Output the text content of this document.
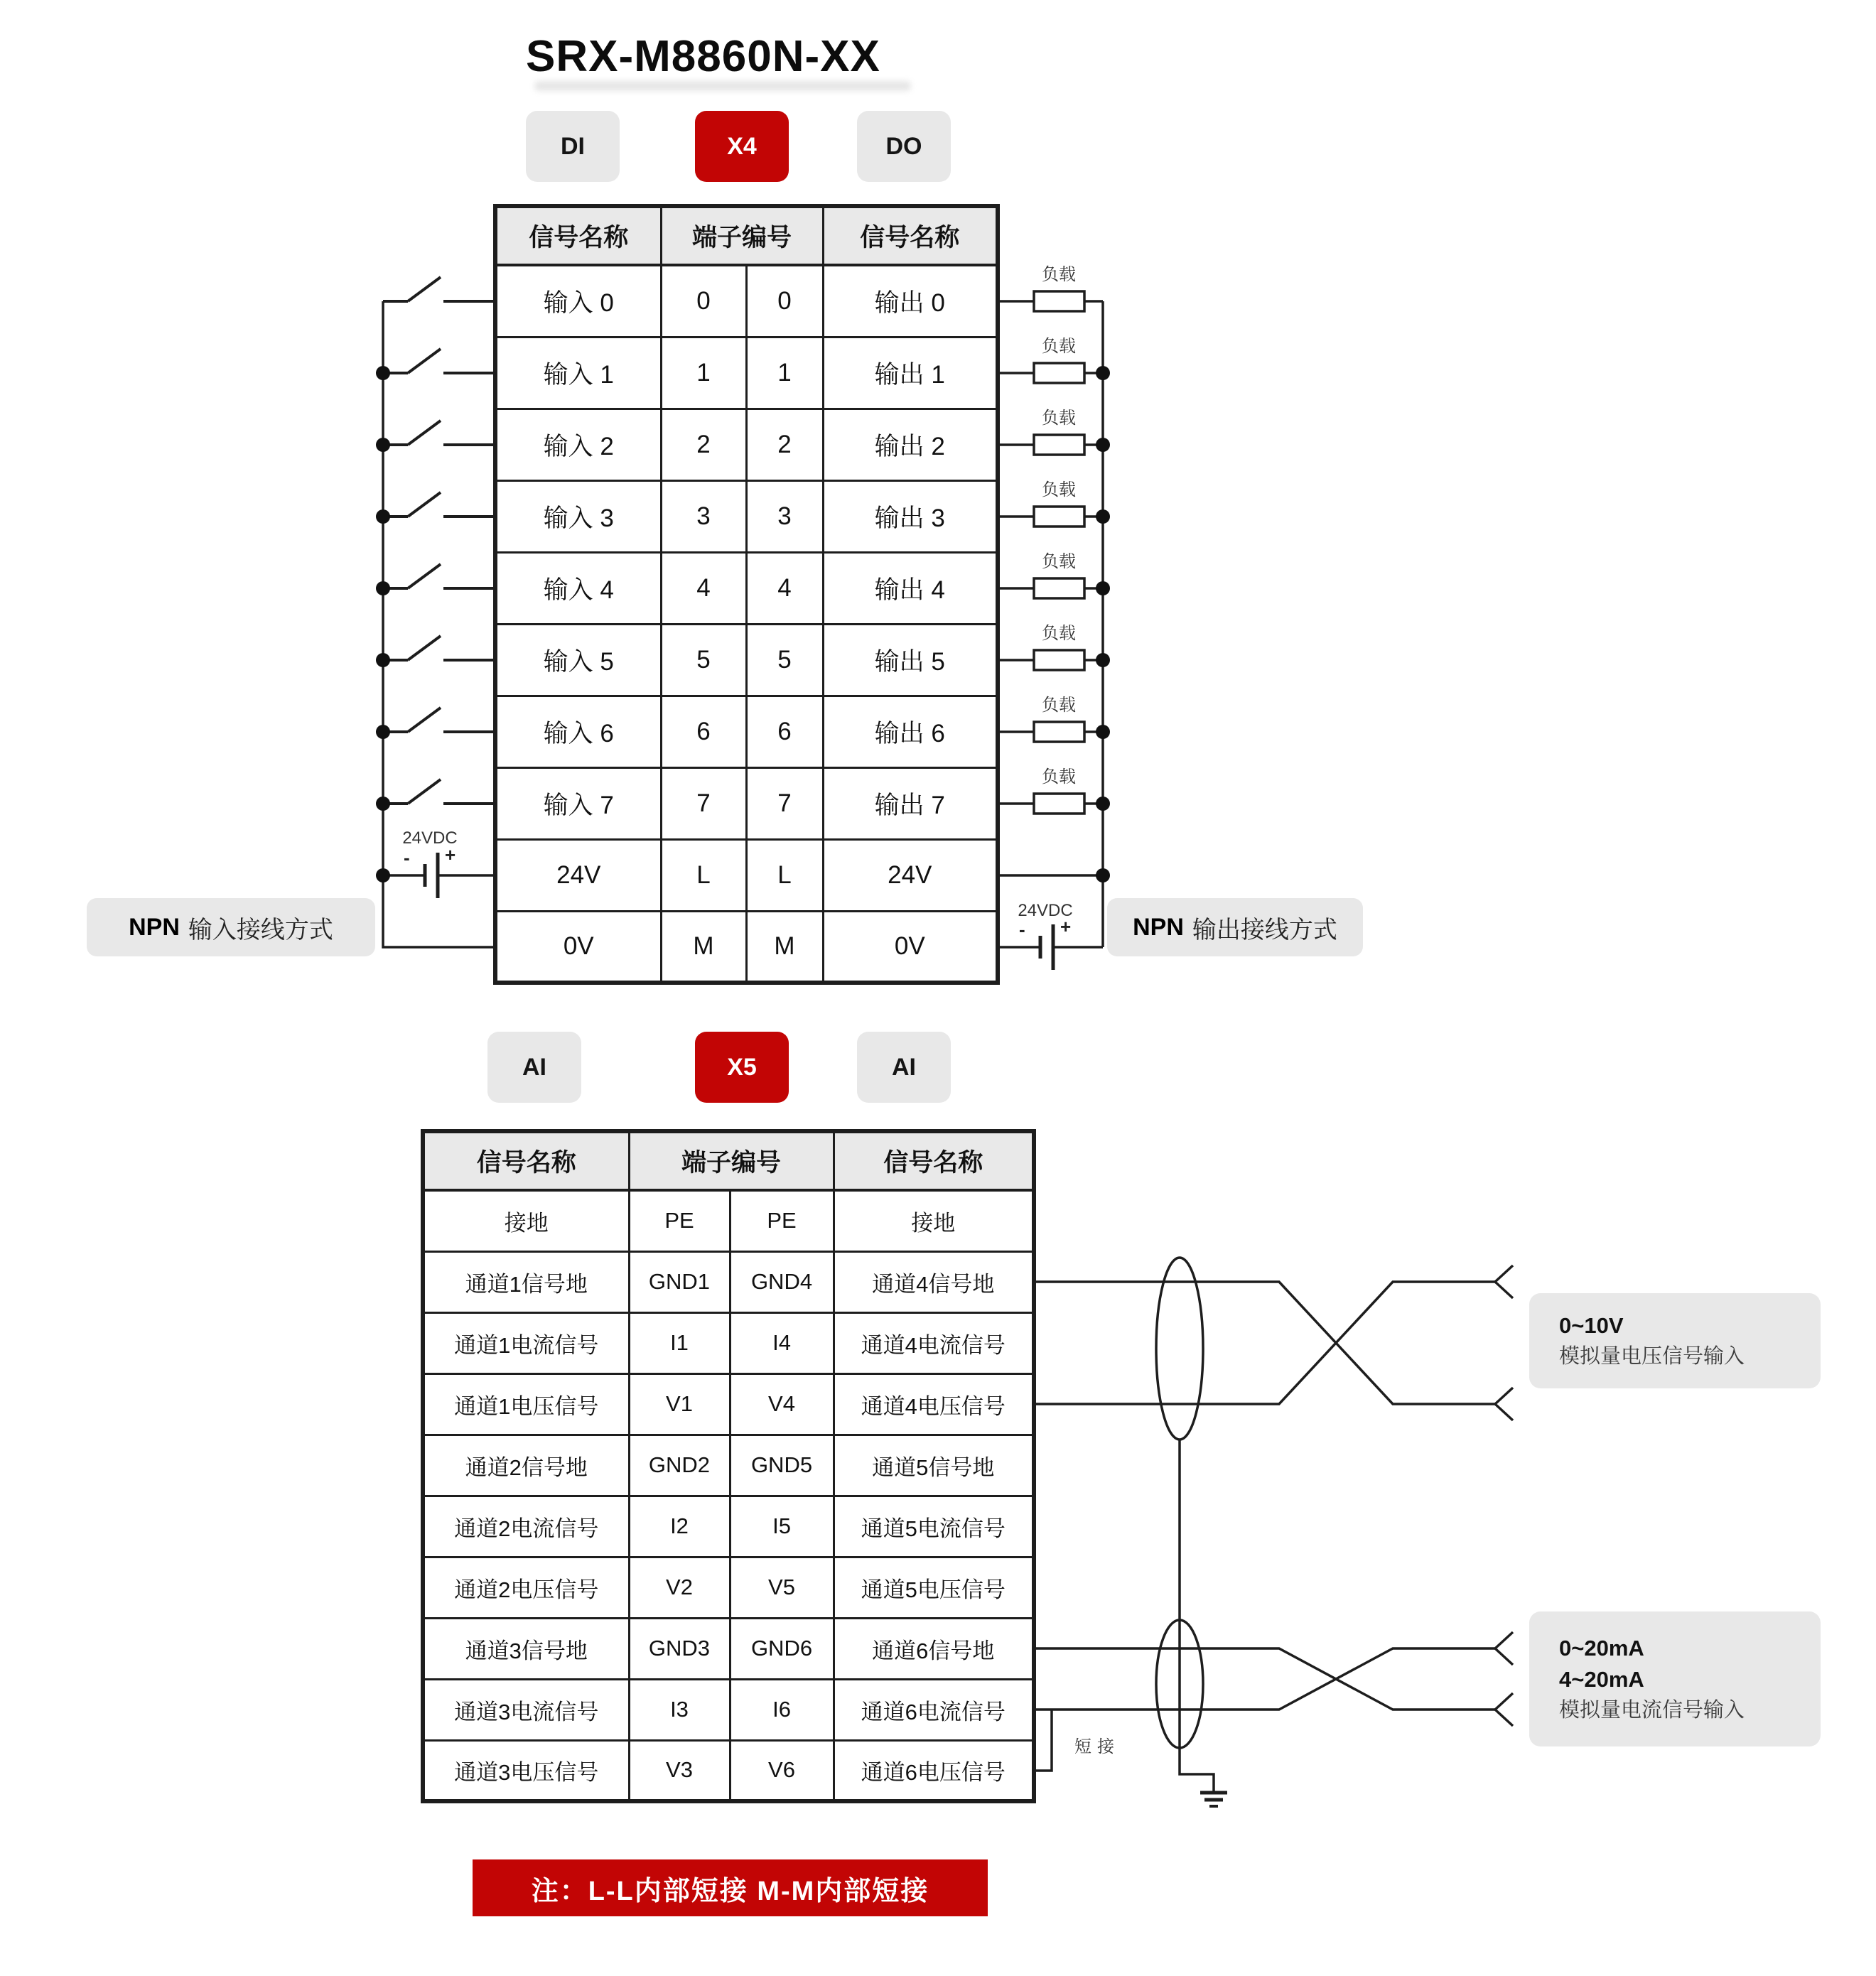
SRX-M8860N-XX
DI	X4	DO
信号名称	端子编号		信号名称
输入 0	0	0	输出 0
输入 1	1	1	输出 1
输入 2	2	2	输出 2
输入 3	3	3	输出 3
输入 4	4	4	输出 4
输入 5	5	5	输出 5
输入 6	6	6	输出 6
输入 7	7	7	输出 7
24V	L	L	24V
0V	M	M	0V
负载
负载
负载
负载
负载
负载
负载
负载
24VDC
- +
24VDC
- +
NPN 输入接线方式	NPN 输出接线方式
AI	X5	AI
信号名称	端子编号		信号名称
接地	PE	PE	接地
通道1信号地	GND1	GND4	通道4信号地
通道1电流信号	I1	I4	通道4电流信号
通道1电压信号	V1	V4	通道4电压信号
通道2信号地	GND2	GND5	通道5信号地
通道2电流信号	I2	I5	通道5电流信号
通道2电压信号	V2	V5	通道5电压信号
通道3信号地	GND3	GND6	通道6信号地
通道3电流信号	I3	I6	通道6电流信号
通道3电压信号	V3	V6	通道6电压信号
短接
0~10V
模拟量电压信号输入
0~20mA
4~20mA
模拟量电流信号输入
注：L-L内部短接 M-M内部短接
